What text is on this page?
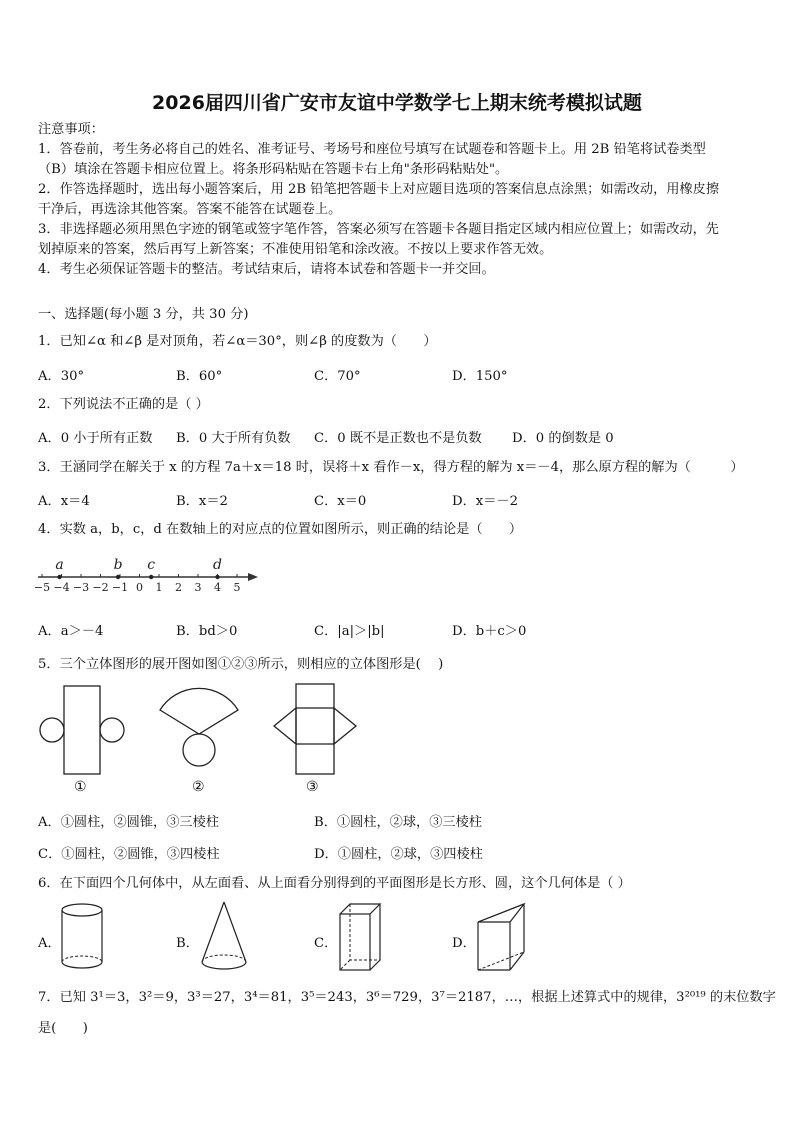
2026届四川省广安市友谊中学数学七上期末统考模拟试题
注意事项：
1．答卷前，考生务必将自己的姓名、准考证号、考场号和座位号填写在试题卷和答题卡上。用 2B 铅笔将试卷类型
（B）填涂在答题卡相应位置上。将条形码粘贴在答题卡右上角"条形码粘贴处"。
2．作答选择题时，选出每小题答案后，用 2B 铅笔把答题卡上对应题目选项的答案信息点涂黑；如需改动，用橡皮擦
干净后，再选涂其他答案。答案不能答在试题卷上。
3．非选择题必须用黑色字迹的钢笔或签字笔作答，答案必须写在答题卡各题目指定区域内相应位置上；如需改动，先
划掉原来的答案，然后再写上新答案；不准使用铅笔和涂改液。不按以上要求作答无效。
4．考生必须保证答题卡的整洁。考试结束后，请将本试卷和答题卡一并交回。
一、选择题(每小题 3 分，共 30 分)
1．已知∠α 和∠β 是对顶角，若∠α＝30°，则∠β 的度数为（　　）
A．30°	B．60°	C．70°	D．150°
2．下列说法不正确的是（ ）
A．0 小于所有正数 B．0 大于所有负数 C．0 既不是正数也不是负数 D．0 的倒数是 0
3．王涵同学在解关于 x 的方程 7a＋x＝18 时，误将＋x 看作－x，得方程的解为 x＝－4，那么原方程的解为（　　　）
A．x＝4	B．x＝2	C．x＝0	D．x＝－2
4．实数 a，b，c，d 在数轴上的对应点的位置如图所示，则正确的结论是（　　）
−5 −4 −3 −2 −1 0 1 2 3 4 5
a	b c	d
A．a＞－4	B．bd＞0	C．|a|＞|b|	D．b＋c＞0
5．三个立体图形的展开图如图①②③所示，则相应的立体图形是(　 )
①	②	③
A．①圆柱，②圆锥，③三棱柱	B．①圆柱，②球，③三棱柱
C．①圆柱，②圆锥，③四棱柱	D．①圆柱，②球，③四棱柱
6．在下面四个几何体中，从左面看、从上面看分别得到的平面图形是长方形、圆，这个几何体是（ ）
A．	B．	C．	D．
7．已知 3¹＝3，3²＝9，3³＝27，3⁴＝81，3⁵＝243，3⁶＝729，3⁷＝2187，…，根据上述算式中的规律，3²⁰¹⁹ 的末位数字
是(　　)
